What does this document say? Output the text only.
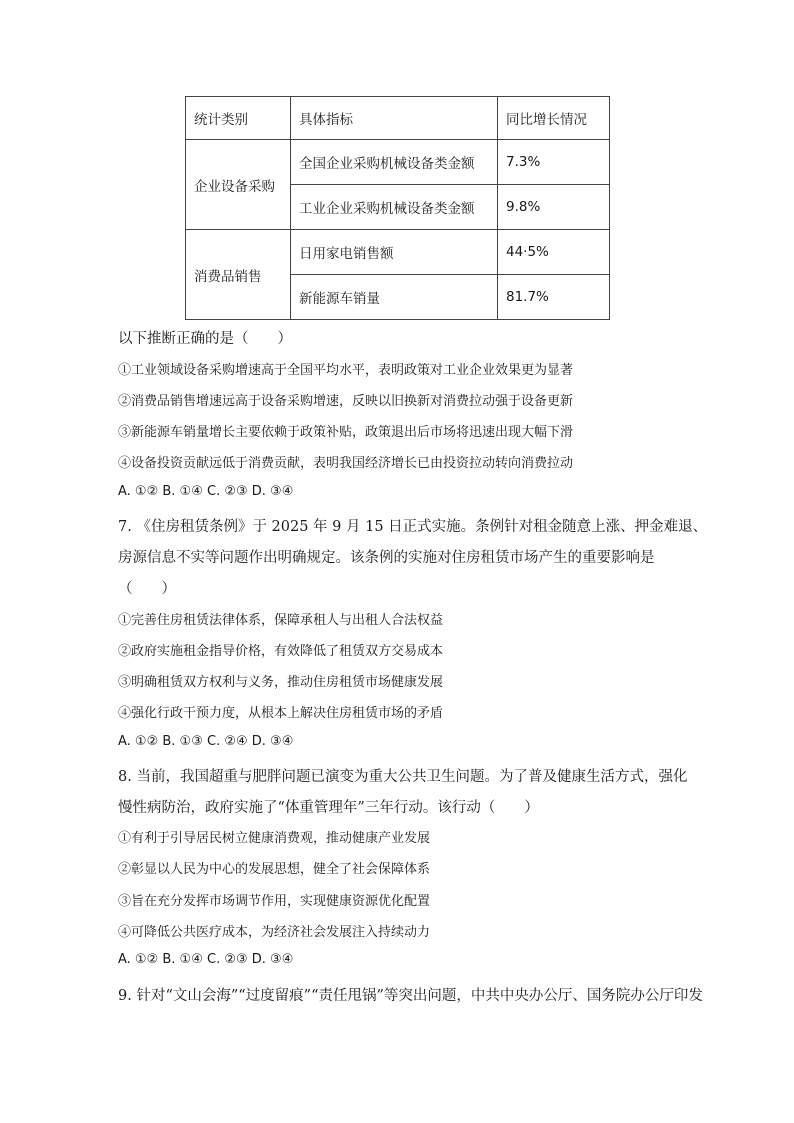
统计类别	具体指标	同比增长情况
企业设备采购	全国企业采购机械设备类金额	7.3%
	工业企业采购机械设备类金额	9.8%
消费品销售	日用家电销售额	44·5%
	新能源车销量	81.7%
以下推断正确的是（　　）
①工业领域设备采购增速高于全国平均水平，表明政策对工业企业效果更为显著
②消费品销售增速远高于设备采购增速，反映以旧换新对消费拉动强于设备更新
③新能源车销量增长主要依赖于政策补贴，政策退出后市场将迅速出现大幅下滑
④设备投资贡献远低于消费贡献，表明我国经济增长已由投资拉动转向消费拉动
A. ①② B. ①④ C. ②③ D. ③④
7. 《住房租赁条例》于 2025 年 9 月 15 日正式实施。条例针对租金随意上涨、押金难退、
房源信息不实等问题作出明确规定。该条例的实施对住房租赁市场产生的重要影响是
（　　）
①完善住房租赁法律体系，保障承租人与出租人合法权益
②政府实施租金指导价格，有效降低了租赁双方交易成本
③明确租赁双方权利与义务，推动住房租赁市场健康发展
④强化行政干预力度，从根本上解决住房租赁市场的矛盾
A. ①② B. ①③ C. ②④ D. ③④
8. 当前，我国超重与肥胖问题已演变为重大公共卫生问题。为了普及健康生活方式，强化
慢性病防治，政府实施了“体重管理年”三年行动。该行动（　　）
①有利于引导居民树立健康消费观，推动健康产业发展
②彰显以人民为中心的发展思想，健全了社会保障体系
③旨在充分发挥市场调节作用，实现健康资源优化配置
④可降低公共医疗成本，为经济社会发展注入持续动力
A. ①② B. ①④ C. ②③ D. ③④
9. 针对“文山会海”“过度留痕”“责任甩锅”等突出问题，中共中央办公厅、国务院办公厅印发
